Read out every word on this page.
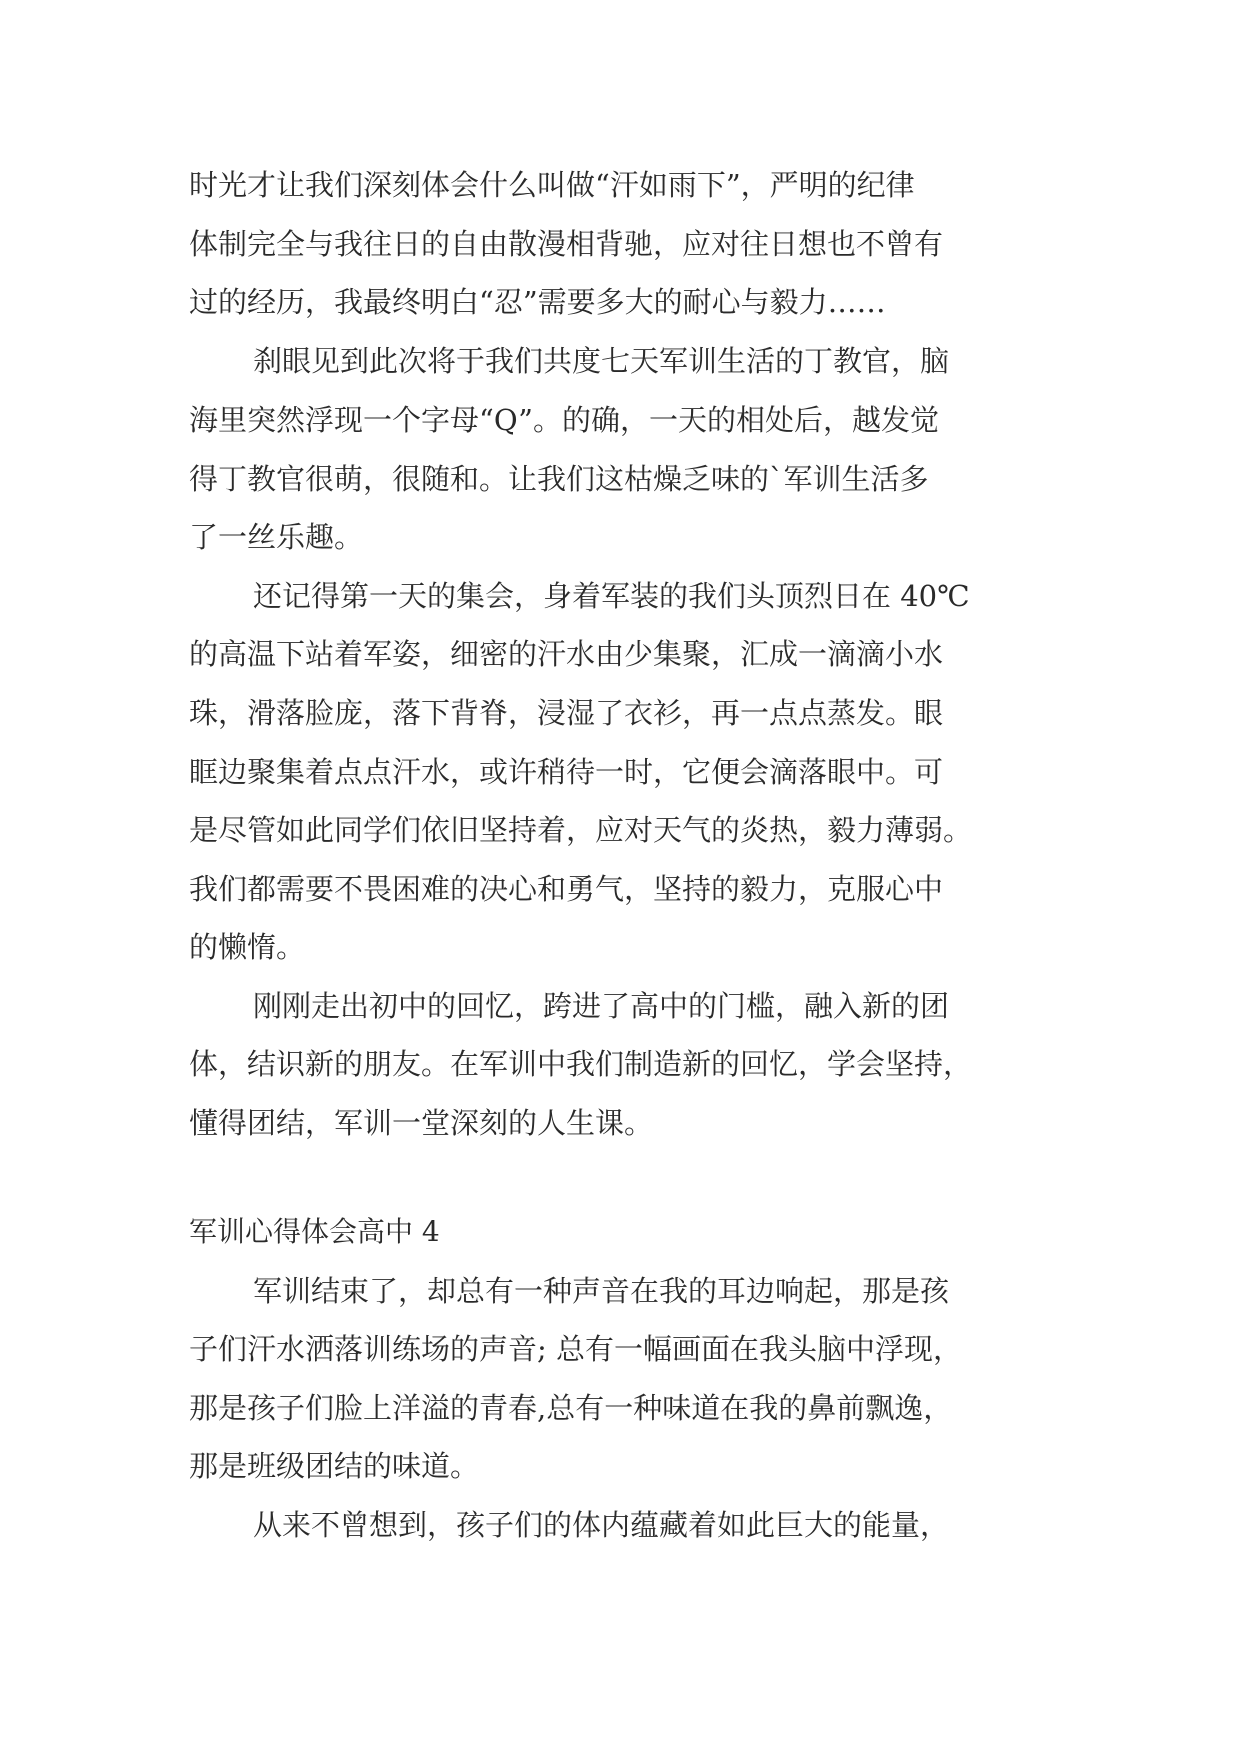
时光才让我们深刻体会什么叫做“汗如雨下”，严明的纪律
体制完全与我往日的自由散漫相背驰，应对往日想也不曾有
过的经历，我最终明白“忍”需要多大的耐心与毅力……
刹眼见到此次将于我们共度七天军训生活的丁教官，脑
海里突然浮现一个字母“Q”。的确，一天的相处后，越发觉
得丁教官很萌，很随和。让我们这枯燥乏味的`军训生活多
了一丝乐趣。
还记得第一天的集会，身着军装的我们头顶烈日在 40℃
的高温下站着军姿，细密的汗水由少集聚，汇成一滴滴小水
珠，滑落脸庞，落下背脊，浸湿了衣衫，再一点点蒸发。眼
眶边聚集着点点汗水，或许稍待一时，它便会滴落眼中。可
是尽管如此同学们依旧坚持着，应对天气的炎热，毅力薄弱。
我们都需要不畏困难的决心和勇气，坚持的毅力，克服心中
的懒惰。
刚刚走出初中的回忆，跨进了高中的门槛，融入新的团
体，结识新的朋友。在军训中我们制造新的回忆，学会坚持，
懂得团结，军训一堂深刻的人生课。
军训心得体会高中 4
军训结束了，却总有一种声音在我的耳边响起，那是孩
子们汗水洒落训练场的声音; 总有一幅画面在我头脑中浮现，
那是孩子们脸上洋溢的青春,总有一种味道在我的鼻前飘逸，
那是班级团结的味道。
从来不曾想到，孩子们的体内蕴藏着如此巨大的能量，
